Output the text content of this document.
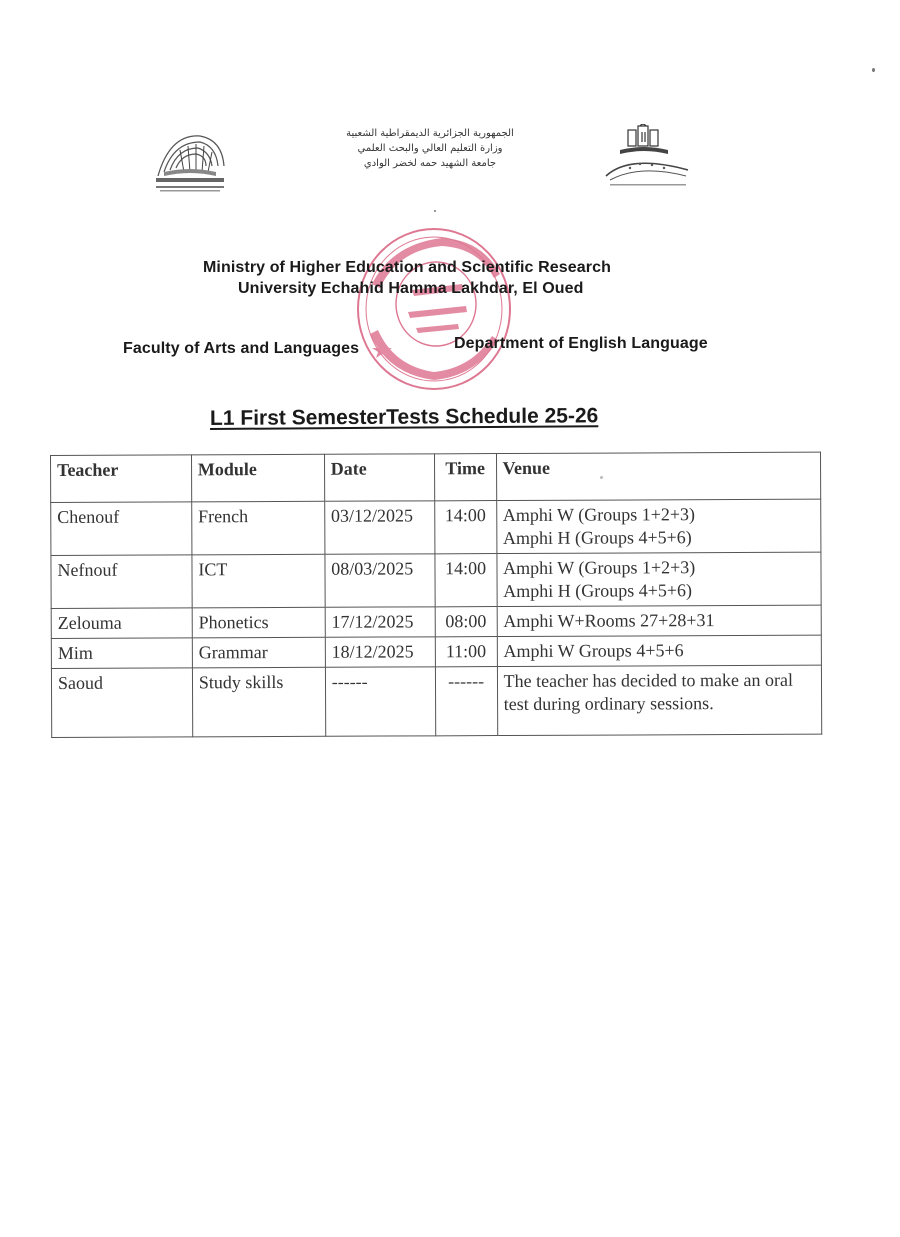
الجمهورية الجزائرية الديمقراطية الشعبية
وزارة التعليم العالي والبحث العلمي
جامعة الشهيد حمه لخضر الوادي
Ministry of Higher Education and Scientific Research
University Echahid Hamma Lakhdar, El Oued
Faculty of Arts and Languages	Department of English Language
L1 First SemesterTests Schedule 25-26
Teacher	Module	Date	Time	Venue
Chenouf	French	03/12/2025	14:00	Amphi W (Groups 1+2+3)
Amphi H (Groups 4+5+6)

Nefnouf	ICT	08/03/2025	14:00	Amphi W (Groups 1+2+3)
Amphi H (Groups 4+5+6)

Zelouma	Phonetics	17/12/2025	08:00	Amphi W+Rooms 27+28+31

Mim	Grammar	18/12/2025	11:00	Amphi W Groups 4+5+6

Saoud	Study skills	------	------	The teacher has decided to make an oral test during ordinary sessions.
